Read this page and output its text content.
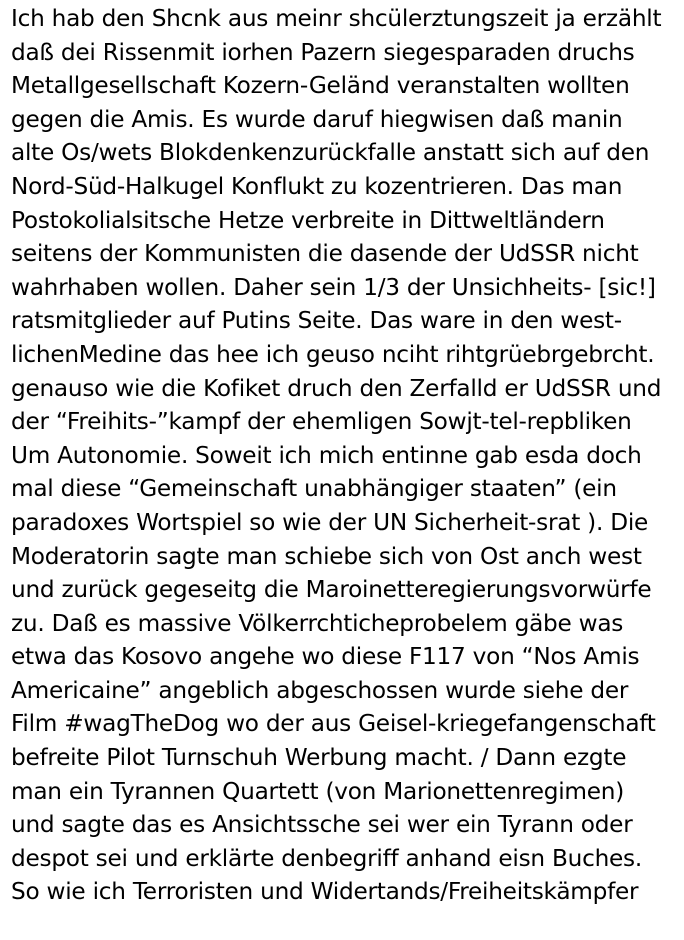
Ich hab den Shcnk aus meinr shcülerztungszeit ja erzählt
daß dei Rissenmit iorhen Pazern siegesparaden druchs
Metallgesellschaft Kozern-Geländ veranstalten wollten
gegen die Amis. Es wurde daruf hiegwisen daß manin
alte Os/wets Blokdenkenzurückfalle anstatt sich auf den
Nord-Süd-Halkugel Konflukt zu kozentrieren. Das man
Postokolialsitsche Hetze verbreite in Dittweltländern
seitens der Kommunisten die dasende der UdSSR nicht
wahrhaben wollen. Daher sein 1/3 der Unsichheits- [sic!]
ratsmitglieder auf Putins Seite. Das ware in den west-
lichenMedine das hee ich geuso nciht rihtgrüebrgebrcht.
genauso wie die Kofiket druch den Zerfalld er UdSSR und
der “Freihits-”kampf der ehemligen Sowjt-tel-repbliken
Um Autonomie. Soweit ich mich entinne gab esda doch
mal diese “Gemeinschaft unabhängiger staaten” (ein
paradoxes Wortspiel so wie der UN Sicherheit-srat ). Die
Moderatorin sagte man schiebe sich von Ost anch west
und zurück gegeseitg die Maroinetteregierungsvorwürfe
zu. Daß es massive Völkerrchticheprobelem gäbe was
etwa das Kosovo angehe wo diese F117 von “Nos Amis
Americaine” angeblich abgeschossen wurde siehe der
Film #wagTheDog wo der aus Geisel-kriegefangenschaft
befreite Pilot Turnschuh Werbung macht. / Dann ezgte
man ein Tyrannen Quartett (von Marionettenregimen)
und sagte das es Ansichtssche sei wer ein Tyrann oder
despot sei und erklärte denbegriff anhand eisn Buches.
So wie ich Terroristen und Widertands/Freiheitskämpfer
